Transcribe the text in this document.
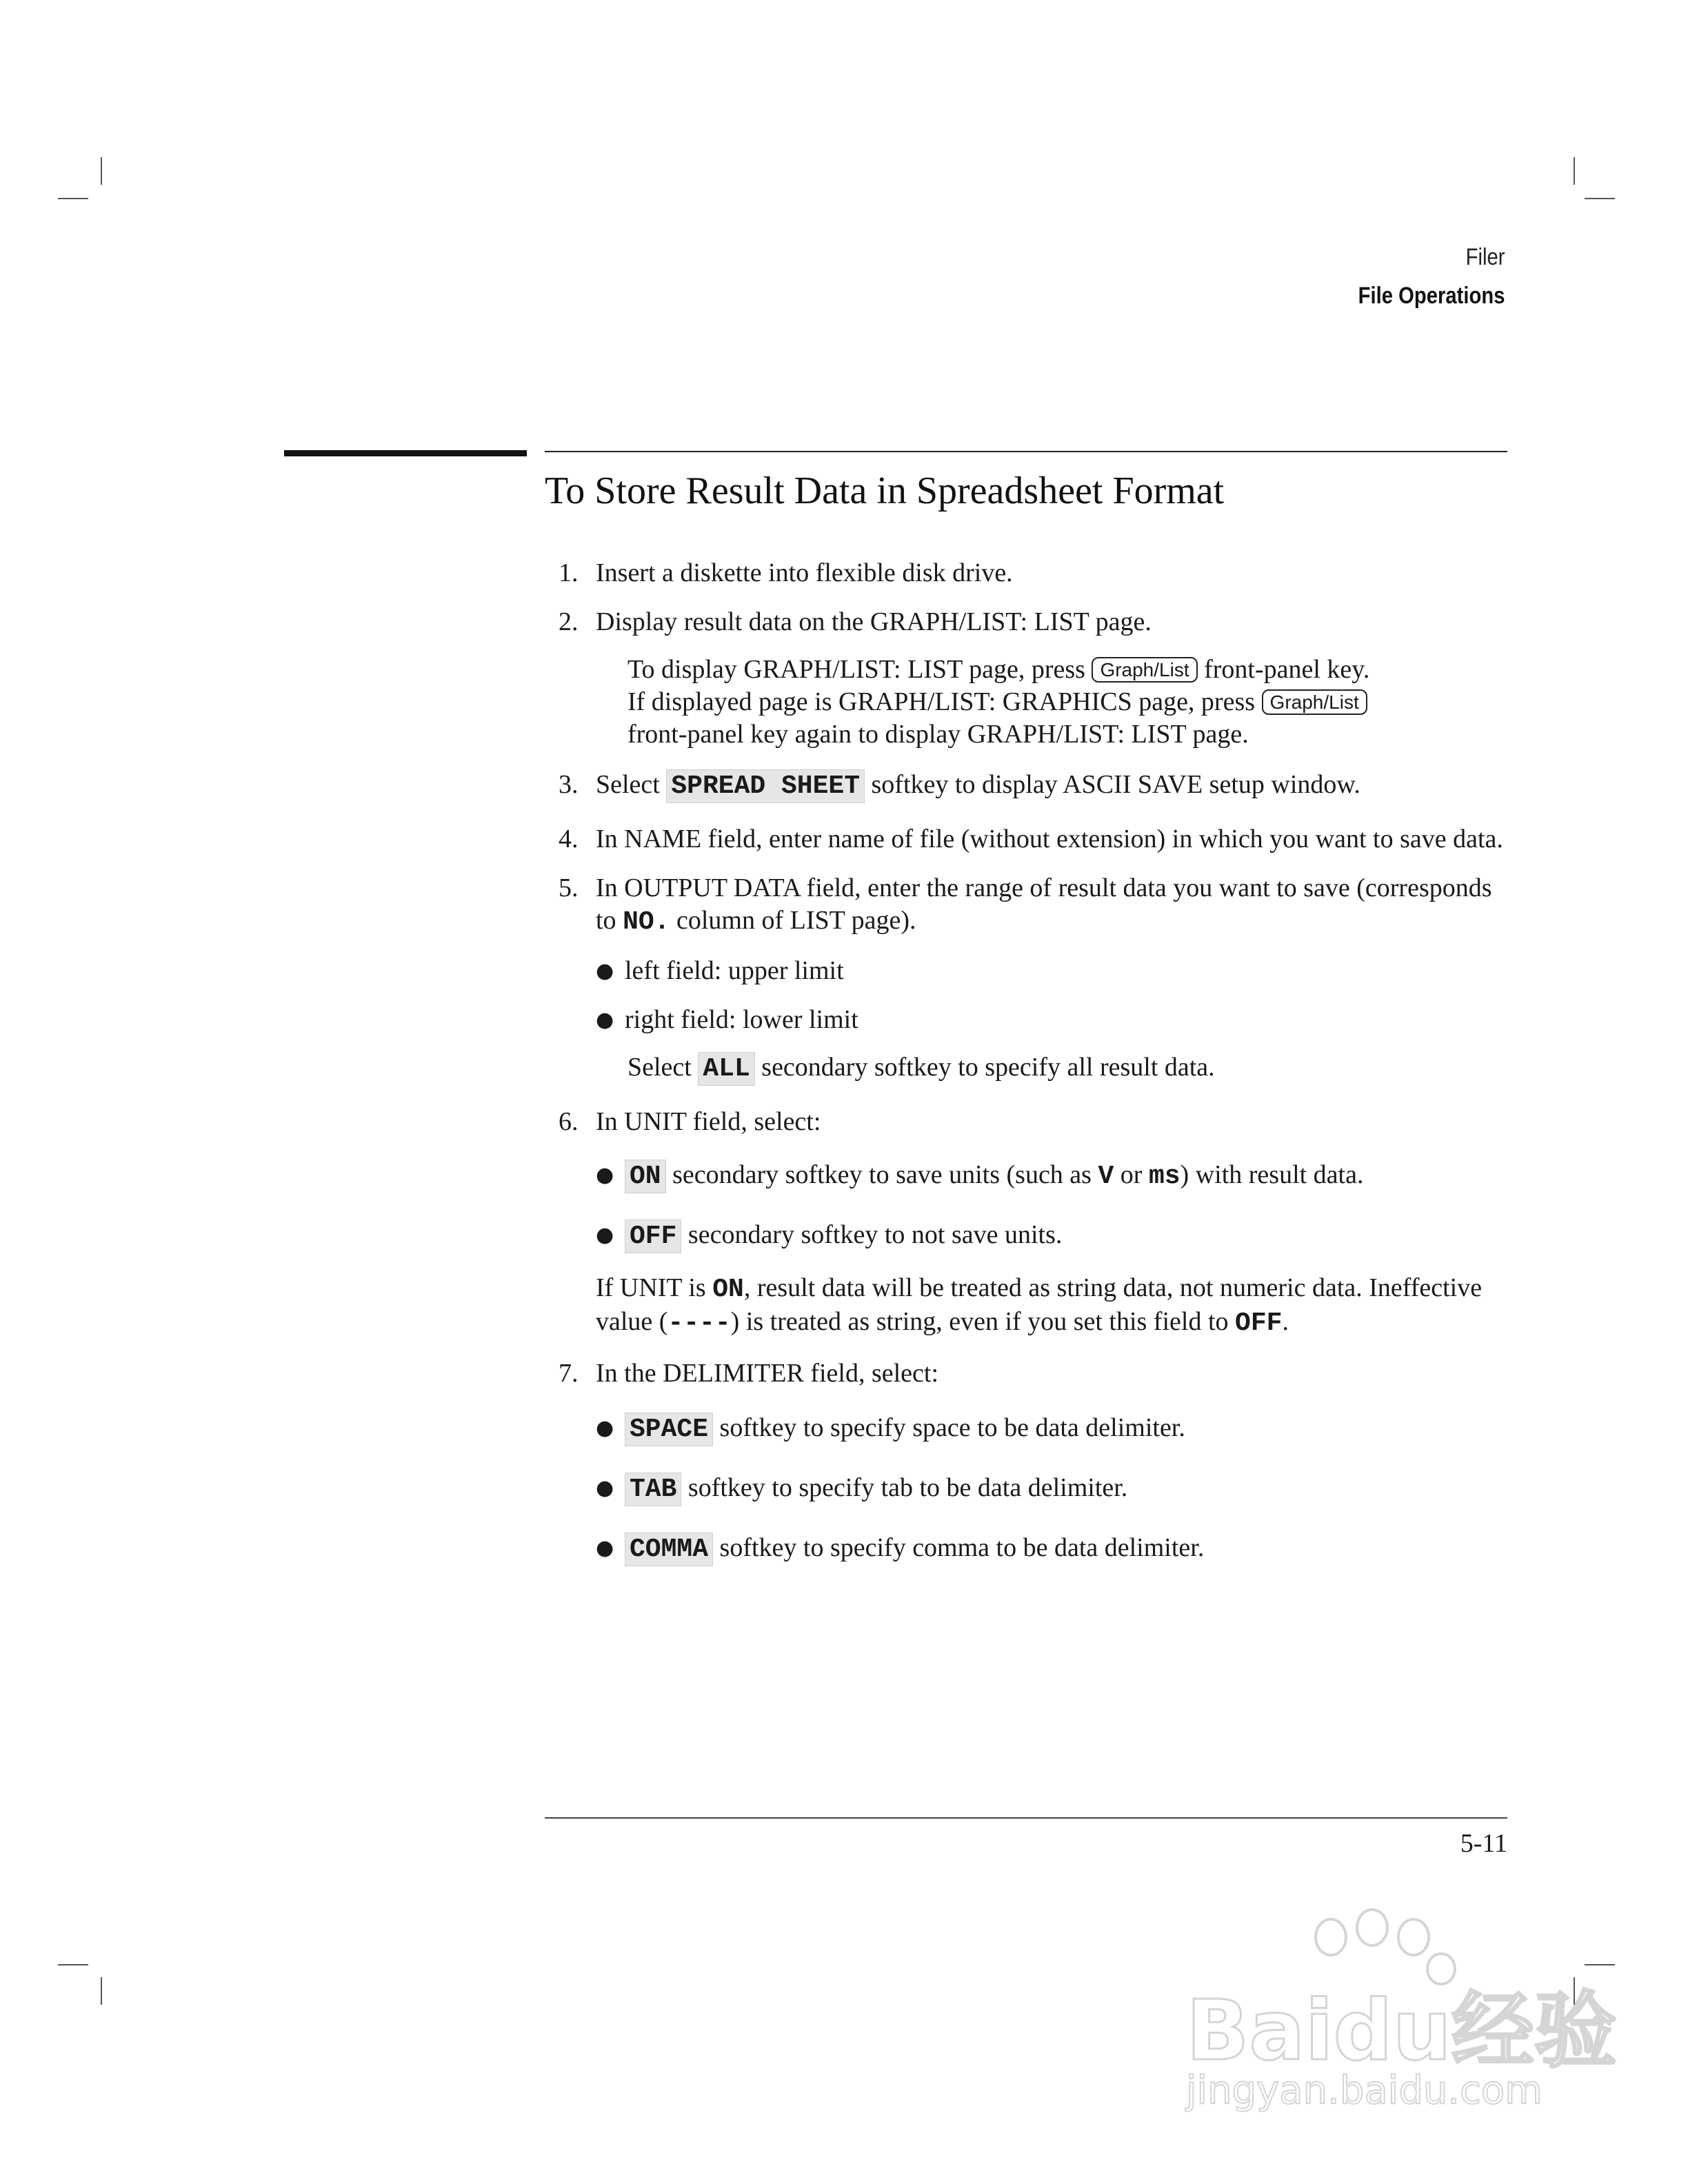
Filer
File Operations
To Store Result Data in Spreadsheet Format
1. Insert a diskette into flexible disk drive.
2. Display result data on the GRAPH/LIST: LIST page.
To display GRAPH/LIST: LIST page, press Graph/List front-panel key.
If displayed page is GRAPH/LIST: GRAPHICS page, press Graph/List
front-panel key again to display GRAPH/LIST: LIST page.
3. Select SPREAD SHEET softkey to display ASCII SAVE setup window.
4. In NAME field, enter name of file (without extension) in which you want to save data.
5. In OUTPUT DATA field, enter the range of result data you want to save (corresponds to NO. column of LIST page).
● left field: upper limit
● right field: lower limit
Select ALL secondary softkey to specify all result data.
6. In UNIT field, select:
● ON secondary softkey to save units (such as V or ms) with result data.
● OFF secondary softkey to not save units.
If UNIT is ON, result data will be treated as string data, not numeric data. Ineffective value (----) is treated as string, even if you set this field to OFF.
7. In the DELIMITER field, select:
● SPACE softkey to specify space to be data delimiter.
● TAB softkey to specify tab to be data delimiter.
● COMMA softkey to specify comma to be data delimiter.
5-11
Baidu经验
jingyan.baidu.com
